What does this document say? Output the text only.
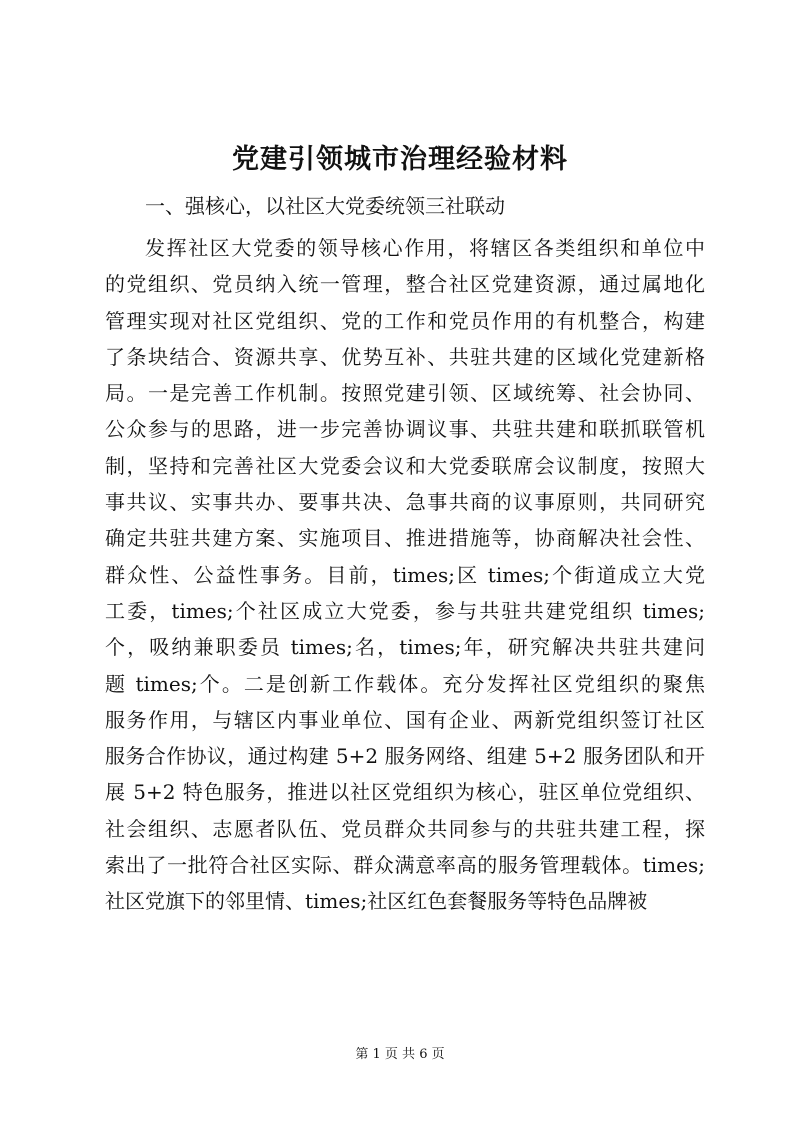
党建引领城市治理经验材料

一、强核心，以社区大党委统领三社联动

发挥社区大党委的领导核心作用，将辖区各类组织和单位中
的党组织、党员纳入统一管理，整合社区党建资源，通过属地化
管理实现对社区党组织、党的工作和党员作用的有机整合，构建
了条块结合、资源共享、优势互补、共驻共建的区域化党建新格
局。一是完善工作机制。按照党建引领、区域统筹、社会协同、
公众参与的思路，进一步完善协调议事、共驻共建和联抓联管机
制，坚持和完善社区大党委会议和大党委联席会议制度，按照大
事共议、实事共办、要事共决、急事共商的议事原则，共同研究
确定共驻共建方案、实施项目、推进措施等，协商解决社会性、
群众性、公益性事务。目前，times;区 times;个街道成立大党
工委，times;个社区成立大党委，参与共驻共建党组织 times;
个，吸纳兼职委员 times;名，times;年，研究解决共驻共建问
题 times;个。二是创新工作载体。充分发挥社区党组织的聚焦
服务作用，与辖区内事业单位、国有企业、两新党组织签订社区
服务合作协议，通过构建 5+2 服务网络、组建 5+2 服务团队和开
展 5+2 特色服务，推进以社区党组织为核心，驻区单位党组织、
社会组织、志愿者队伍、党员群众共同参与的共驻共建工程，探
索出了一批符合社区实际、群众满意率高的服务管理载体。times;
社区党旗下的邻里情、times;社区红色套餐服务等特色品牌被

第 1 页 共 6 页
